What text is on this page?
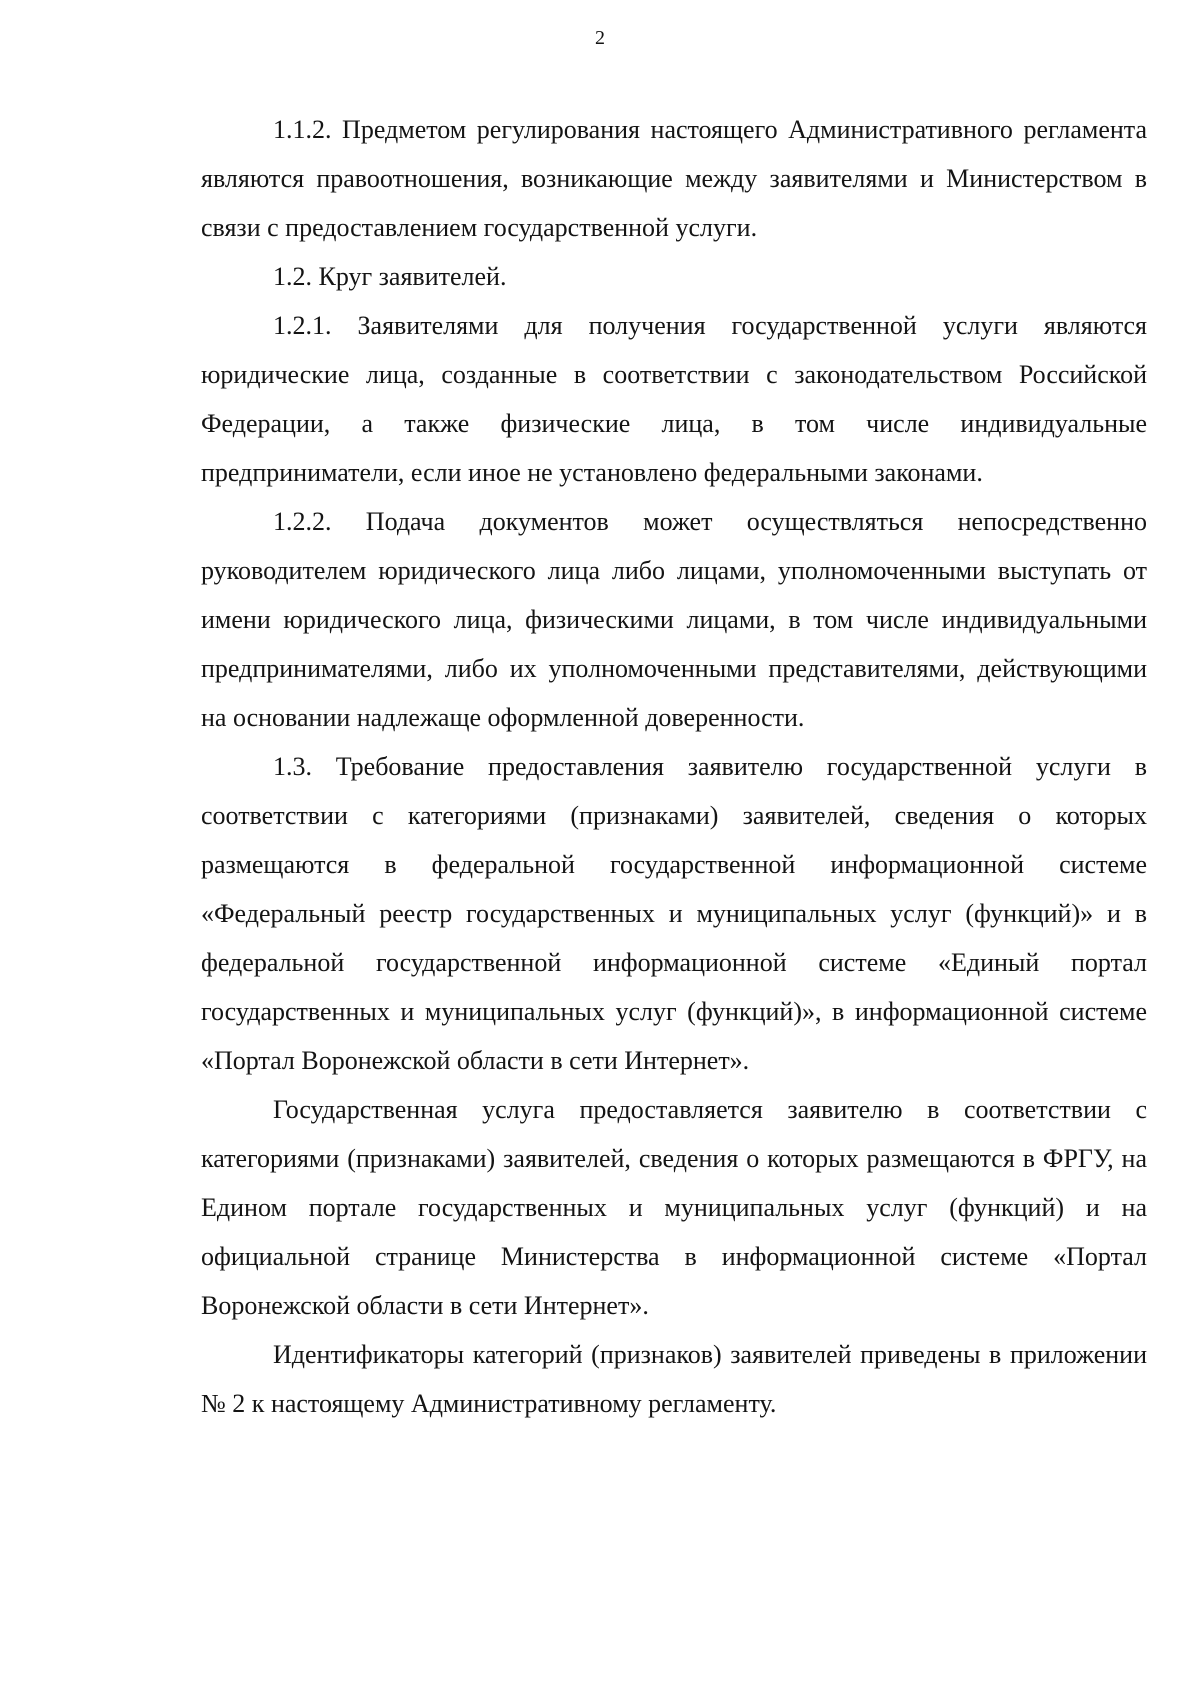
2

1.1.2. Предметом регулирования настоящего Административного регламента являются правоотношения, возникающие между заявителями и Министерством в связи с предоставлением государственной услуги.

1.2. Круг заявителей.

1.2.1. Заявителями для получения государственной услуги являются юридические лица, созданные в соответствии с законодательством Российской Федерации, а также физические лица, в том числе индивидуальные предприниматели, если иное не установлено федеральными законами.

1.2.2. Подача документов может осуществляться непосредственно руководителем юридического лица либо лицами, уполномоченными выступать от имени юридического лица, физическими лицами, в том числе индивидуальными предпринимателями, либо их уполномоченными представителями, действующими на основании надлежаще оформленной доверенности.

1.3. Требование предоставления заявителю государственной услуги в соответствии с категориями (признаками) заявителей, сведения о которых размещаются в федеральной государственной информационной системе «Федеральный реестр государственных и муниципальных услуг (функций)» и в федеральной государственной информационной системе «Единый портал государственных и муниципальных услуг (функций)», в информационной системе «Портал Воронежской области в сети Интернет».

Государственная услуга предоставляется заявителю в соответствии с категориями (признаками) заявителей, сведения о которых размещаются в ФРГУ, на Едином портале государственных и муниципальных услуг (функций) и на официальной странице Министерства в информационной системе «Портал Воронежской области в сети Интернет».

Идентификаторы категорий (признаков) заявителей приведены в приложении № 2 к настоящему Административному регламенту.
